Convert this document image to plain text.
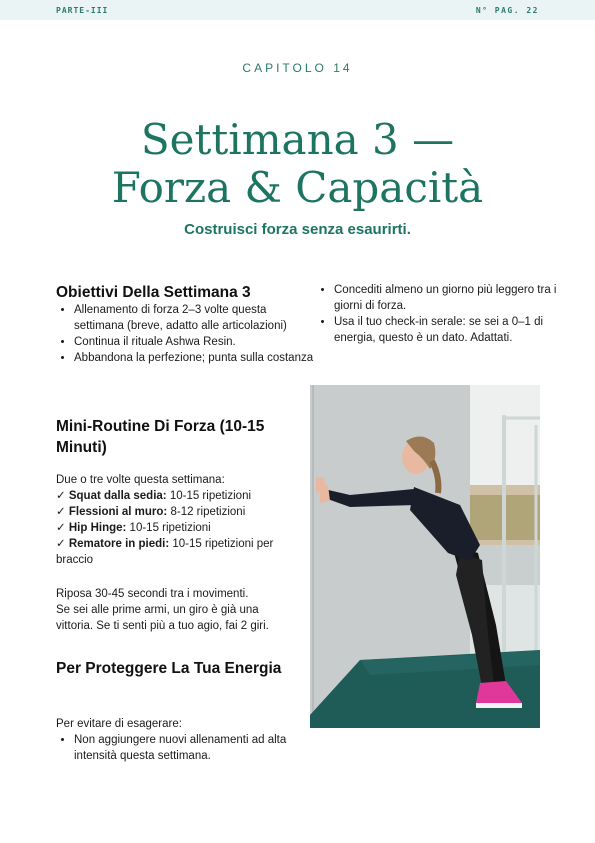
PARTE-III	N° PAG. 22
CAPITOLO 14
Settimana 3 —
Forza & Capacità
Costruisci forza senza esaurirti.
Obiettivi Della Settimana 3
• Allenamento di forza 2–3 volte questa settimana (breve, adatto alle articolazioni)
• Continua il rituale Ashwa Resin.
• Abbandona la perfezione; punta sulla costanza
Mini-Routine Di Forza (10-15 Minuti)

Due o tre volte questa settimana:

✓ Squat dalla sedia: 10-15 ripetizioni
✓ Flessioni al muro: 8-12 ripetizioni
✓ Hip Hinge: 10-15 ripetizioni
✓ Rematore in piedi: 10-15 ripetizioni per braccio

Riposa 30-45 secondi tra i movimenti.

Se sei alle prime armi, un giro è già una vittoria. Se ti senti più a tuo agio, fai 2 giri.

Per Proteggere La Tua Energia

Per evitare di esagerare:

• Non aggiungere nuovi allenamenti ad alta intensità questa settimana.
• Concediti almeno un giorno più leggero tra i giorni di forza.
• Usa il tuo check-in serale: se sei a 0–1 di energia, questo è un dato. Adattati.
